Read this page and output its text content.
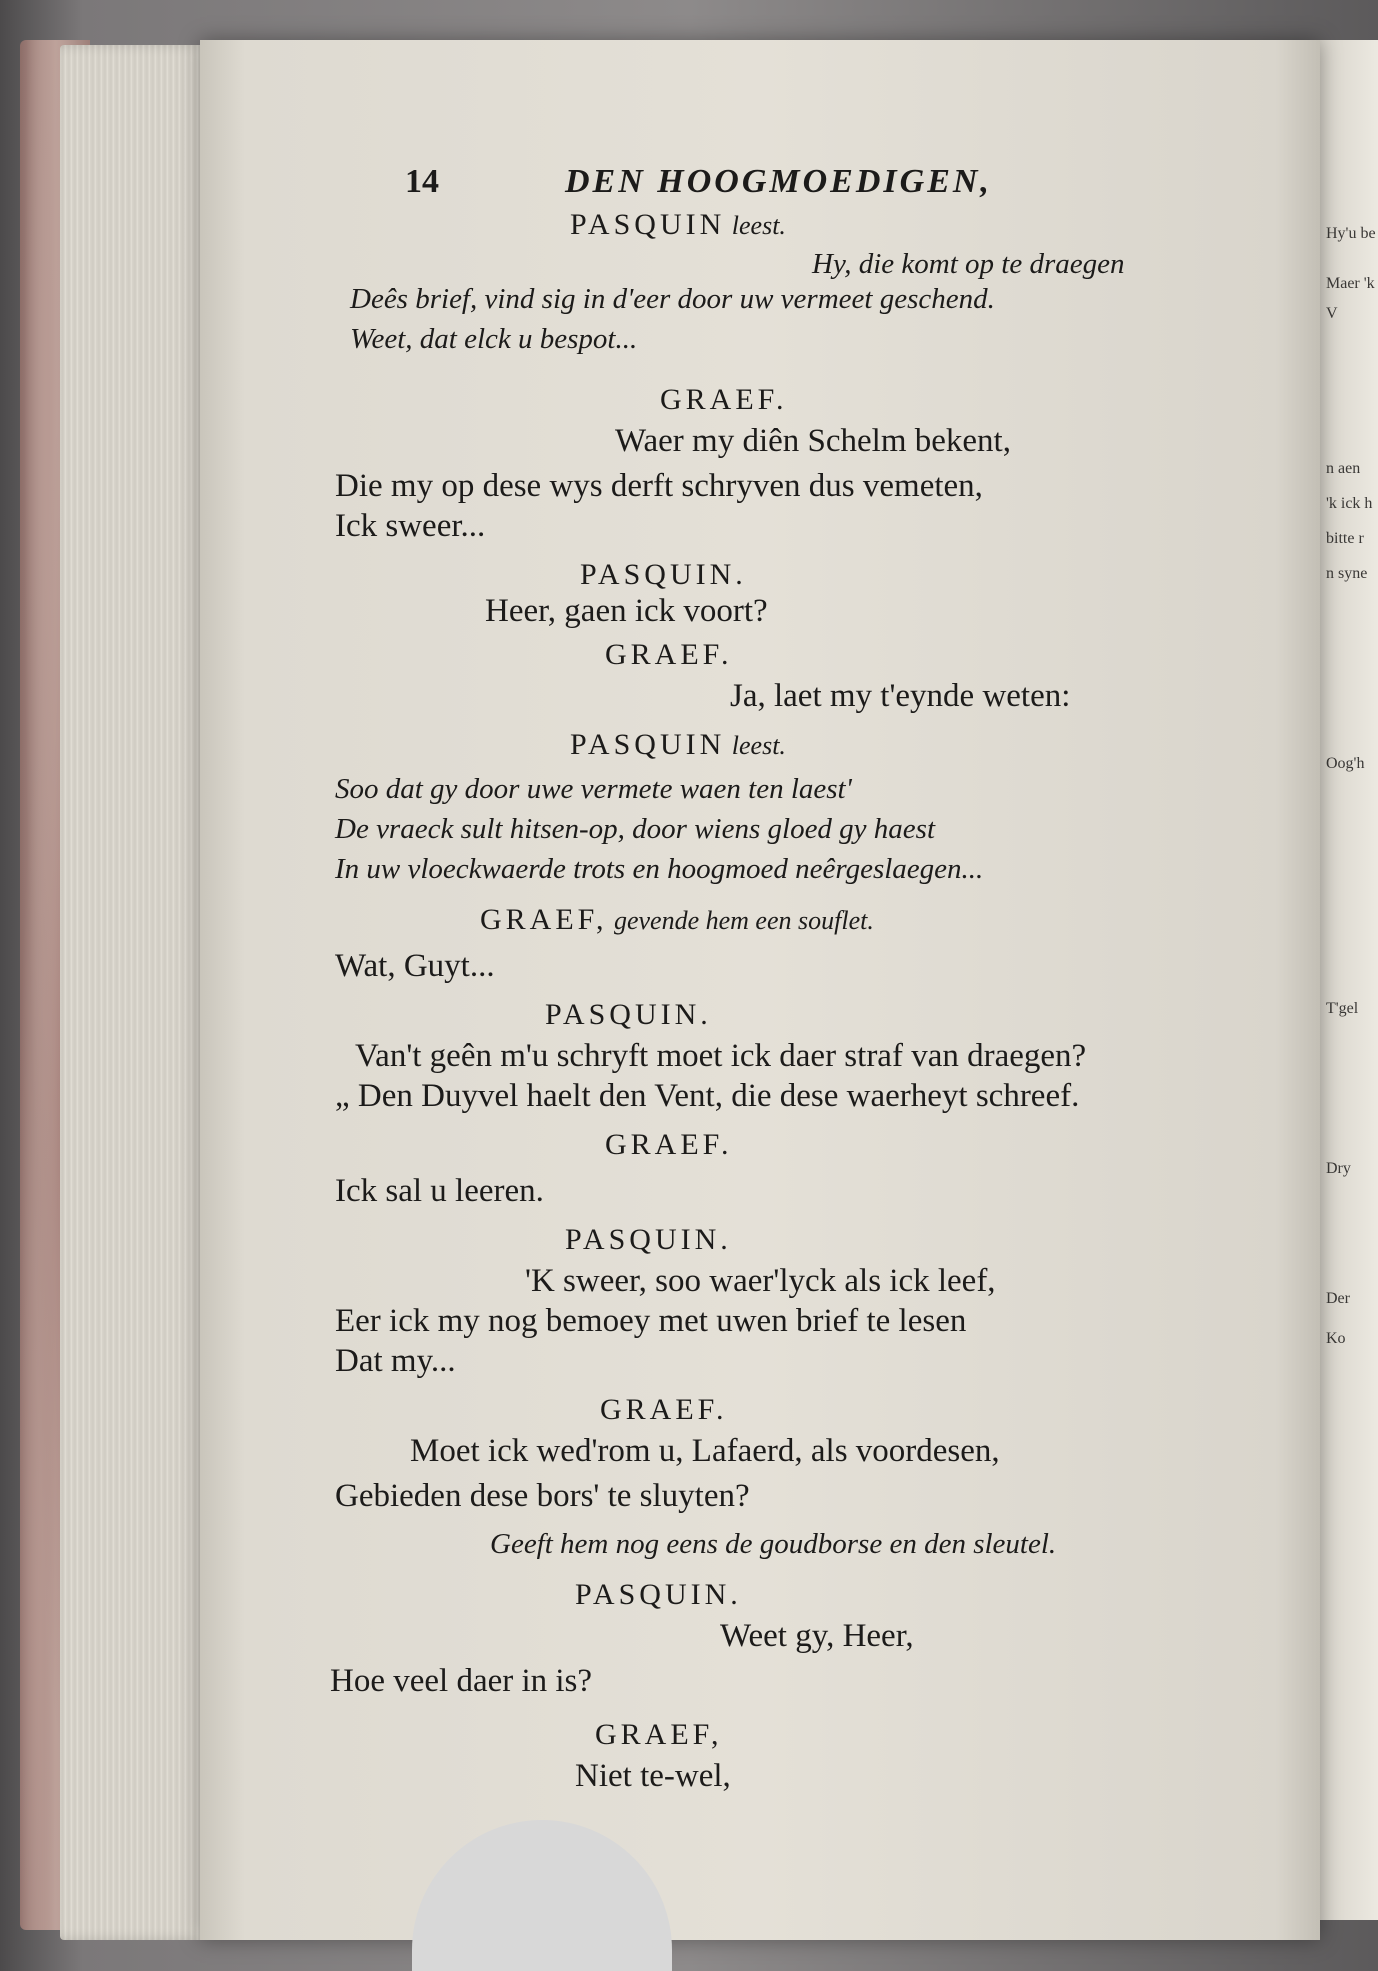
Hy'u be
Maer 'k
V
n aen
'k ick h
bitte r
n syne
Oog'h
T'gel
Dry
Der
Ko
14	DEN HOOGMOEDIGEN,
PASQUIN leest.
Hy, die komt op te draegen
Deês brief, vind sig in d'eer door uw vermeet geschend.
Weet, dat elck u bespot...
GRAEF.
Waer my diên Schelm bekent,
Die my op dese wys derft schryven dus vemeten,
Ick sweer...
PASQUIN.
Heer, gaen ick voort?
GRAEF.
Ja, laet my t'eynde weten:
PASQUIN leest.
Soo dat gy door uwe vermete waen ten laest'
De vraeck sult hitsen-op, door wiens gloed gy haest
In uw vloeckwaerde trots en hoogmoed neêrgeslaegen...
GRAEF, gevende hem een souflet.
Wat, Guyt...
PASQUIN.
Van't geên m'u schryft moet ick daer straf van draegen?
„ Den Duyvel haelt den Vent, die dese waerheyt schreef.
GRAEF.
Ick sal u leeren.
PASQUIN.
'K sweer, soo waer'lyck als ick leef,
Eer ick my nog bemoey met uwen brief te lesen
Dat my...
GRAEF.
Moet ick wed'rom u, Lafaerd, als voordesen,
Gebieden dese bors' te sluyten?
Geeft hem nog eens de goudborse en den sleutel.
PASQUIN.
Weet gy, Heer,
Hoe veel daer in is?
GRAEF,
Niet te-wel,
